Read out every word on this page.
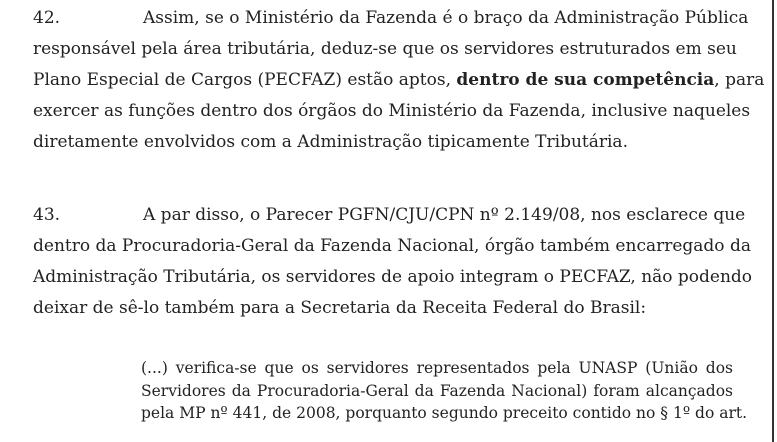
42.	Assim, se o Ministério da Fazenda é o braço da Administração Pública
responsável pela área tributária, deduz-se que os servidores estruturados em seu
Plano Especial de Cargos (PECFAZ) estão aptos, dentro de sua competência, para
exercer as funções dentro dos órgãos do Ministério da Fazenda, inclusive naqueles
diretamente envolvidos com a Administração tipicamente Tributária.
43.	A par disso, o Parecer PGFN/CJU/CPN nº 2.149/08, nos esclarece que
dentro da Procuradoria-Geral da Fazenda Nacional, órgão também encarregado da
Administração Tributária, os servidores de apoio integram o PECFAZ, não podendo
deixar de sê-lo também para a Secretaria da Receita Federal do Brasil:
(...) verifica-se que os servidores representados pela UNASP (União dos
Servidores da Procuradoria-Geral da Fazenda Nacional) foram alcançados
pela MP nº 441, de 2008, porquanto segundo preceito contido no § 1º do art.
